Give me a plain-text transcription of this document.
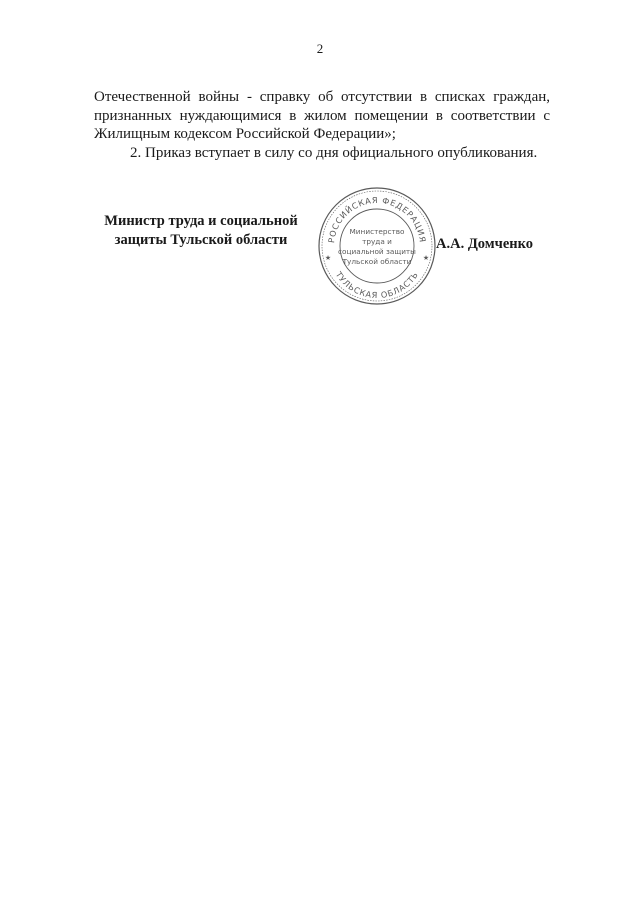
2

Отечественной войны - справку об отсутствии в списках граждан, признанных нуждающимися в жилом помещении в соответствии с Жилищным кодексом Российской Федерации»;

2. Приказ вступает в силу со дня официального опубликования.

Министр труда и социальной
защиты Тульской области	РОССИЙСКАЯ ФЕДЕРАЦИЯ
ТУЛЬСКАЯ ОБЛАСТЬ
Министерство
труда и
социальной защиты
Тульской области
★	★
А.А. Домченко
